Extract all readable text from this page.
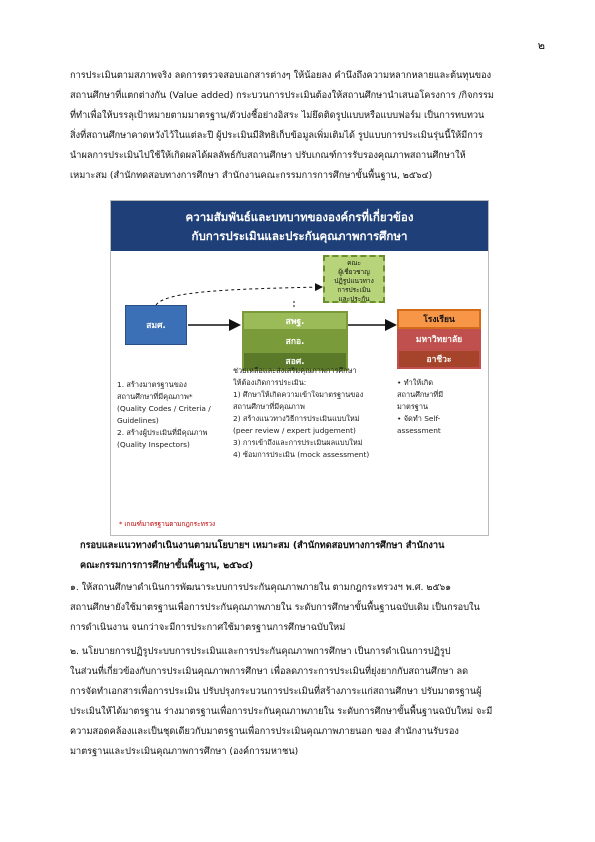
๒
การประเมินตามสภาพจริง ลดการตรวจสอบเอกสารต่างๆ ให้น้อยลง คำนึงถึงความหลากหลายและต้นทุนของ
สถานศึกษาที่แตกต่างกัน (Value added) กระบวนการประเมินต้องให้สถานศึกษานำเสนอโครงการ /กิจกรรม
ที่ทำเพื่อให้บรรลุเป้าหมายตามมาตรฐาน/ตัวบ่งชี้อย่างอิสระ ไม่ยึดติดรูปแบบหรือแบบฟอร์ม เป็นการทบทวน
สิ่งที่สถานศึกษาคาดหวังไว้ในแต่ละปี ผู้ประเมินมีสิทธิเก็บข้อมูลเพิ่มเติมได้ รูปแบบการประเมินรุ่นนี้ให้มีการ
นำผลการประเมินไปใช้ให้เกิดผลได้ผลลัพธ์กับสถานศึกษา ปรับเกณฑ์การรับรองคุณภาพสถานศึกษาให้
เหมาะสม (สำนักทดสอบทางการศึกษา สำนักงานคณะกรรมการการศึกษาขั้นพื้นฐาน, ๒๕๖๔)
ความสัมพันธ์และบทบาทขององค์กรที่เกี่ยวข้อง
กับการประเมินและประกันคุณภาพการศึกษา
สมศ.
คณะ
ผู้เชี่ยวชาญ
ปฏิรูปแนวทาง
การประเมิน
และประกัน
สพฐ.
สกอ.
สอศ.
โรงเรียน
มหาวิทยาลัย
อาชีวะ
1. สร้างมาตรฐานของ
สถานศึกษาที่มีคุณภาพ*
(Quality Codes / Criteria /
Guidelines)
2. สร้างผู้ประเมินที่มีคุณภาพ
(Quality Inspectors)
ช่วยเหลือและส่งเสริมคุณภาพการศึกษา
ให้ต้องเกิดการประเมิน:
1) ศึกษาให้เกิดความเข้าใจมาตรฐานของ
สถานศึกษาที่มีคุณภาพ
2) สร้างแนวทางวิธีการประเมินแบบใหม่
(peer review / expert judgement)
3) การเข้าถึงและการประเมินผลแบบใหม่
4) ซ้อมการประเมิน (mock assessment)
• ทำให้เกิด
สถานศึกษาที่มี
มาตรฐาน
• จัดทำ Self-
assessment
* เกณฑ์มาตรฐานตามกฎกระทรวง
กรอบและแนวทางดำเนินงานตามนโยบายฯ เหมาะสม (สำนักทดสอบทางการศึกษา สำนักงาน
คณะกรรมการการศึกษาขั้นพื้นฐาน, ๒๕๖๔)
๑. ให้สถานศึกษาดำเนินการพัฒนาระบบการประกันคุณภาพภายใน ตามกฎกระทรวงฯ พ.ศ. ๒๕๖๑
สถานศึกษายังใช้มาตรฐานเพื่อการประกันคุณภาพภายใน ระดับการศึกษาขั้นพื้นฐานฉบับเดิม เป็นกรอบใน
การดำเนินงาน จนกว่าจะมีการประกาศใช้มาตรฐานการศึกษาฉบับใหม่
๒. นโยบายการปฏิรูประบบการประเมินและการประกันคุณภาพการศึกษา เป็นการดำเนินการปฏิรูป
ในส่วนที่เกี่ยวข้องกับการประเมินคุณภาพการศึกษา เพื่อลดภาระการประเมินที่ยุ่งยากกับสถานศึกษา ลด
การจัดทำเอกสารเพื่อการประเมิน ปรับปรุงกระบวนการประเมินที่สร้างภาระแก่สถานศึกษา ปรับมาตรฐานผู้
ประเมินให้ได้มาตรฐาน ร่างมาตรฐานเพื่อการประกันคุณภาพภายใน ระดับการศึกษาขั้นพื้นฐานฉบับใหม่ จะมี
ความสอดคล้องและเป็นชุดเดียวกับมาตรฐานเพื่อการประเมินคุณภาพภายนอก ของ สำนักงานรับรอง
มาตรฐานและประเมินคุณภาพการศึกษา (องค์การมหาชน)
